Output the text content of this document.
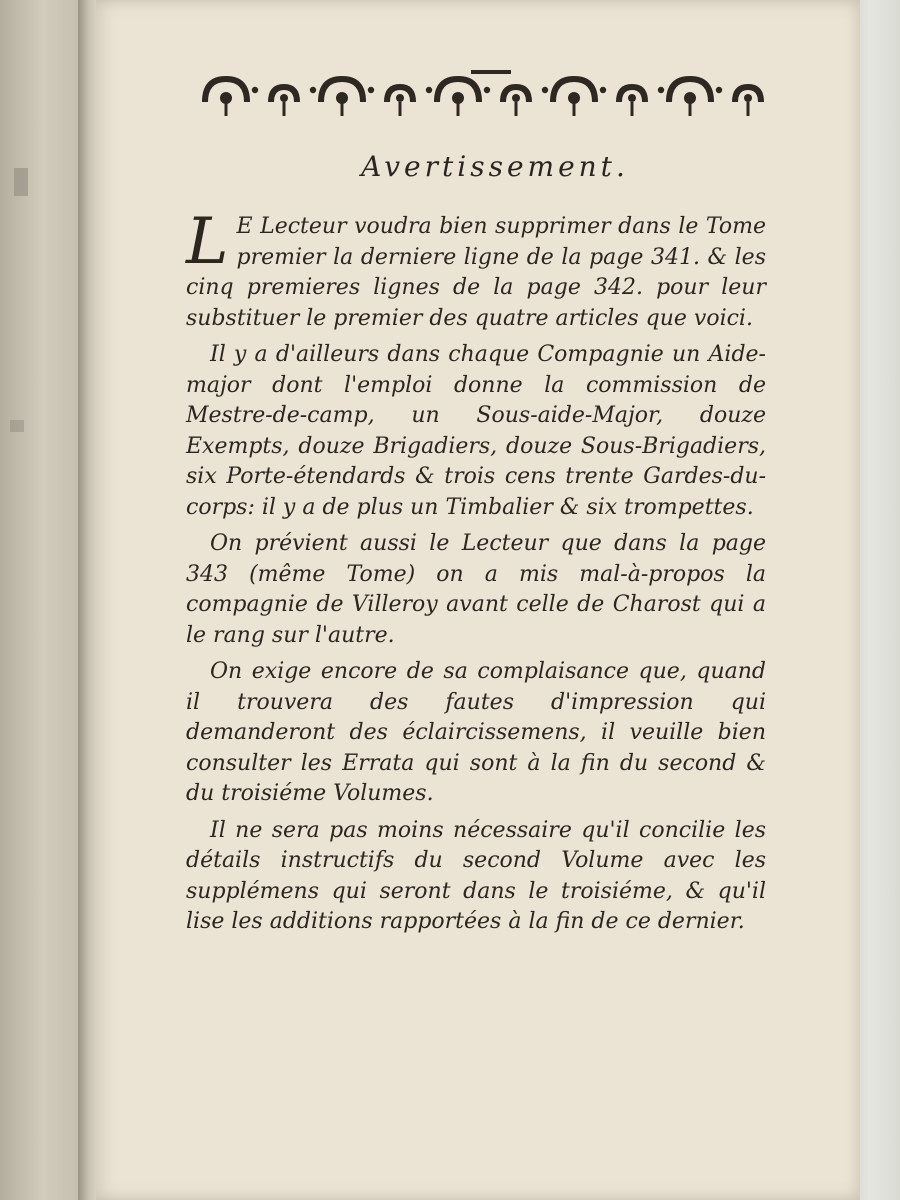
Avertissement.

L E Lecteur voudra bien supprimer dans le Tome premier la derniere ligne de la page 341. & les cinq premieres lignes de la page 342. pour leur substituer le premier des quatre articles que voici.

Il y a d'ailleurs dans chaque Compagnie un Aide-major dont l'emploi donne la commission de Mestre-de-camp, un Sous-aide-Major, douze Exempts, douze Brigadiers, douze Sous-Brigadiers, six Porte-étendards & trois cens trente Gardes-du-corps: il y a de plus un Timbalier & six trompettes.

On prévient aussi le Lecteur que dans la page 343 (même Tome) on a mis mal-à-propos la compagnie de Villeroy avant celle de Charost qui a le rang sur l'autre.

On exige encore de sa complaisance que, quand il trouvera des fautes d'impression qui demanderont des éclaircissemens, il veuille bien consulter les Errata qui sont à la fin du second & du troisiéme Volumes.

Il ne sera pas moins nécessaire qu'il concilie les détails instructifs du second Volume avec les supplémens qui seront dans le troisiéme, & qu'il lise les additions rapportées à la fin de ce dernier.
